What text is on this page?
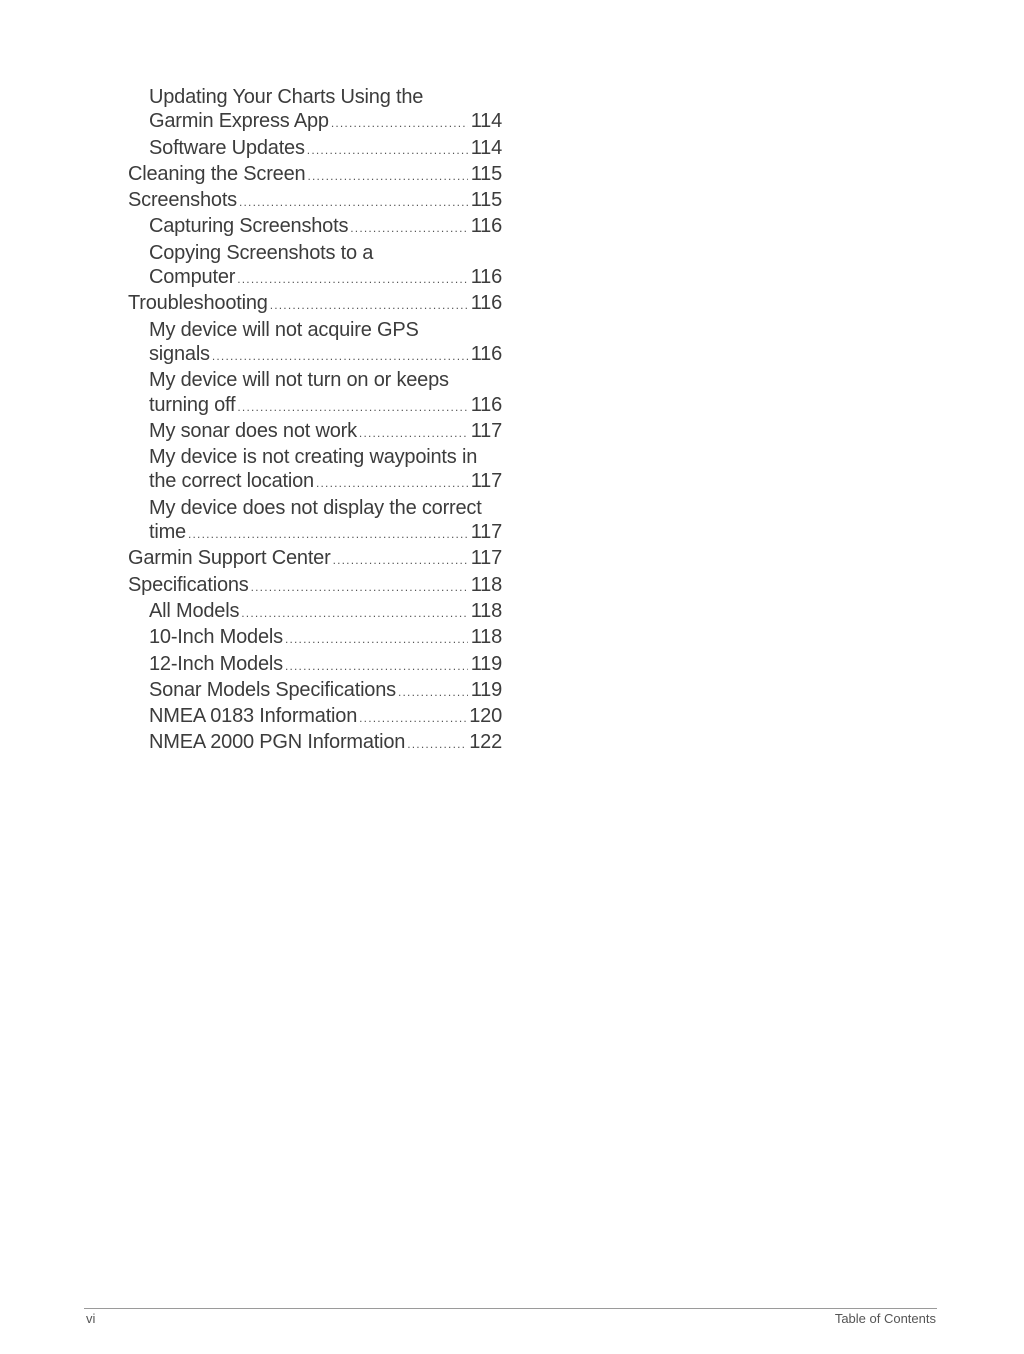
Updating Your Charts Using the
Garmin Express App .....	114
Software Updates .....	114
Cleaning the Screen .....	115
Screenshots .....	115
Capturing Screenshots .....	116
Copying Screenshots to a
Computer .....	116
Troubleshooting .....	116
My device will not acquire GPS
signals .....	116
My device will not turn on or keeps
turning off .....	116
My sonar does not work .....	117
My device is not creating waypoints in
the correct location .....	117
My device does not display the correct
time .....	117
Garmin Support Center .....	117
Specifications .....	118
All Models .....	118
10-Inch Models .....	118
12-Inch Models .....	119
Sonar Models Specifications .....	119
NMEA 0183 Information .....	120
NMEA 2000 PGN Information .....	122
vi	Table of Contents
